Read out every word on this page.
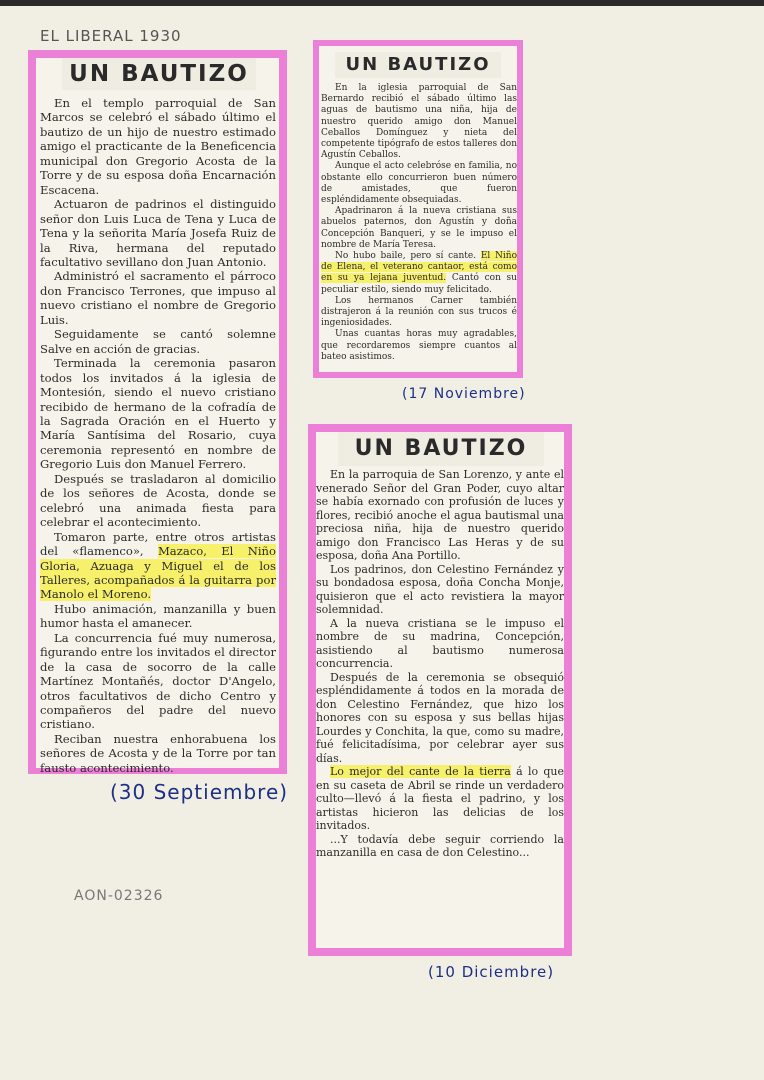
EL LIBERAL 1930
UN BAUTIZO

En el templo parroquial de San Marcos se celebró el sábado último el bautizo de un hijo de nuestro estimado amigo el practicante de la Beneficencia municipal don Gregorio Acosta de la Torre y de su esposa doña Encarnación Escacena.

Actuaron de padrinos el distinguido señor don Luis Luca de Tena y Luca de Tena y la señorita María Josefa Ruiz de la Riva, hermana del reputado facultativo sevillano don Juan Antonio.

Administró el sacramento el párroco don Francisco Terrones, que impuso al nuevo cristiano el nombre de Gregorio Luis.

Seguidamente se cantó solemne Salve en acción de gracias.

Terminada la ceremonia pasaron todos los invitados á la iglesia de Montesión, siendo el nuevo cristiano recibido de hermano de la cofradía de la Sagrada Oración en el Huerto y María Santísima del Rosario, cuya ceremonia representó en nombre de Gregorio Luis don Manuel Ferrero.

Después se trasladaron al domicilio de los señores de Acosta, donde se celebró una animada fiesta para celebrar el acontecimiento.

Tomaron parte, entre otros artistas del «flamenco», Mazaco, El Niño Gloria, Azuaga y Miguel el de los Talleres, acompañados á la guitarra por Manolo el Moreno.

Hubo animación, manzanilla y buen humor hasta el amanecer.

La concurrencia fué muy numerosa, figurando entre los invitados el director de la casa de socorro de la calle Martínez Montañés, doctor D'Angelo, otros facultativos de dicho Centro y compañeros del padre del nuevo cristiano.

Reciban nuestra enhorabuena los señores de Acosta y de la Torre por tan fausto acontecimiento.

(30 Septiembre)
UN BAUTIZO

En la iglesia parroquial de San Bernardo recibió el sábado último las aguas de bautismo una niña, hija de nuestro querido amigo don Manuel Ceballos Domínguez y nieta del competente tipógrafo de estos talleres don Agustín Ceballos.

Aunque el acto celebróse en familia, no obstante ello concurrieron buen número de amistades, que fueron espléndidamente obsequiadas.

Apadrinaron á la nueva cristiana sus abuelos paternos, don Agustín y doña Concepción Banqueri, y se le impuso el nombre de María Teresa.

No hubo baile, pero sí cante. El Niño de Elena, el veterano cantaor, está como en su ya lejana juventud. Cantó con su peculiar estilo, siendo muy felicitado.

Los hermanos Carner también distrajeron á la reunión con sus trucos é ingeniosidades.

Unas cuantas horas muy agradables, que recordaremos siempre cuantos al bateo asistimos.

(17 Noviembre)
UN BAUTIZO

En la parroquia de San Lorenzo, y ante el venerado Señor del Gran Poder, cuyo altar se había exornado con profusión de luces y flores, recibió anoche el agua bautismal una preciosa niña, hija de nuestro querido amigo don Francisco Las Heras y de su esposa, doña Ana Portillo.

Los padrinos, don Celestino Fernández y su bondadosa esposa, doña Concha Monje, quisieron que el acto revistiera la mayor solemnidad.

A la nueva cristiana se le impuso el nombre de su madrina, Concepción, asistiendo al bautismo numerosa concurrencia.

Después de la ceremonia se obsequió espléndidamente á todos en la morada de don Celestino Fernández, que hizo los honores con su esposa y sus bellas hijas Lourdes y Conchita, la que, como su madre, fué felicitadísima, por celebrar ayer sus días.

Lo mejor del cante de la tierra á lo que en su caseta de Abril se rinde un verdadero culto—llevó á la fiesta el padrino, y los artistas hicieron las delicias de los invitados.

...Y todavía debe seguir corriendo la manzanilla en casa de don Celestino...

(10 Diciembre)
AON-02326
